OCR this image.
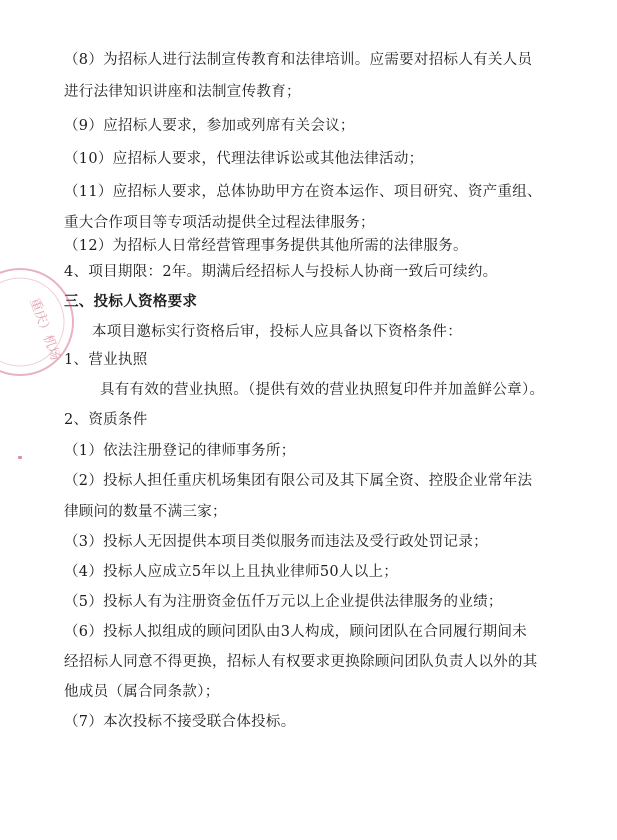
（8）为招标人进行法制宣传教育和法律培训。应需要对招标人有关人员
进行法律知识讲座和法制宣传教育；
（9）应招标人要求，参加或列席有关会议；
（10）应招标人要求，代理法律诉讼或其他法律活动；
（11）应招标人要求，总体协助甲方在资本运作、项目研究、资产重组、
重大合作项目等专项活动提供全过程法律服务；
（12）为招标人日常经营管理事务提供其他所需的法律服务。
4、项目期限：2年。期满后经招标人与投标人协商一致后可续约。
三、投标人资格要求
本项目邀标实行资格后审，投标人应具备以下资格条件：
1、营业执照
具有有效的营业执照。（提供有效的营业执照复印件并加盖鲜公章）。
2、资质条件
（1）依法注册登记的律师事务所；
（2）投标人担任重庆机场集团有限公司及其下属全资、控股企业常年法
律顾问的数量不满三家；
（3）投标人无因提供本项目类似服务而违法及受行政处罚记录；
（4）投标人应成立5年以上且执业律师50人以上；
（5）投标人有为注册资金伍仟万元以上企业提供法律服务的业绩；
（6）投标人拟组成的顾问团队由3人构成，顾问团队在合同履行期间未
经招标人同意不得更换，招标人有权要求更换除顾问团队负责人以外的其
他成员（属合同条款）；
（7）本次投标不接受联合体投标。
重庆）机场
